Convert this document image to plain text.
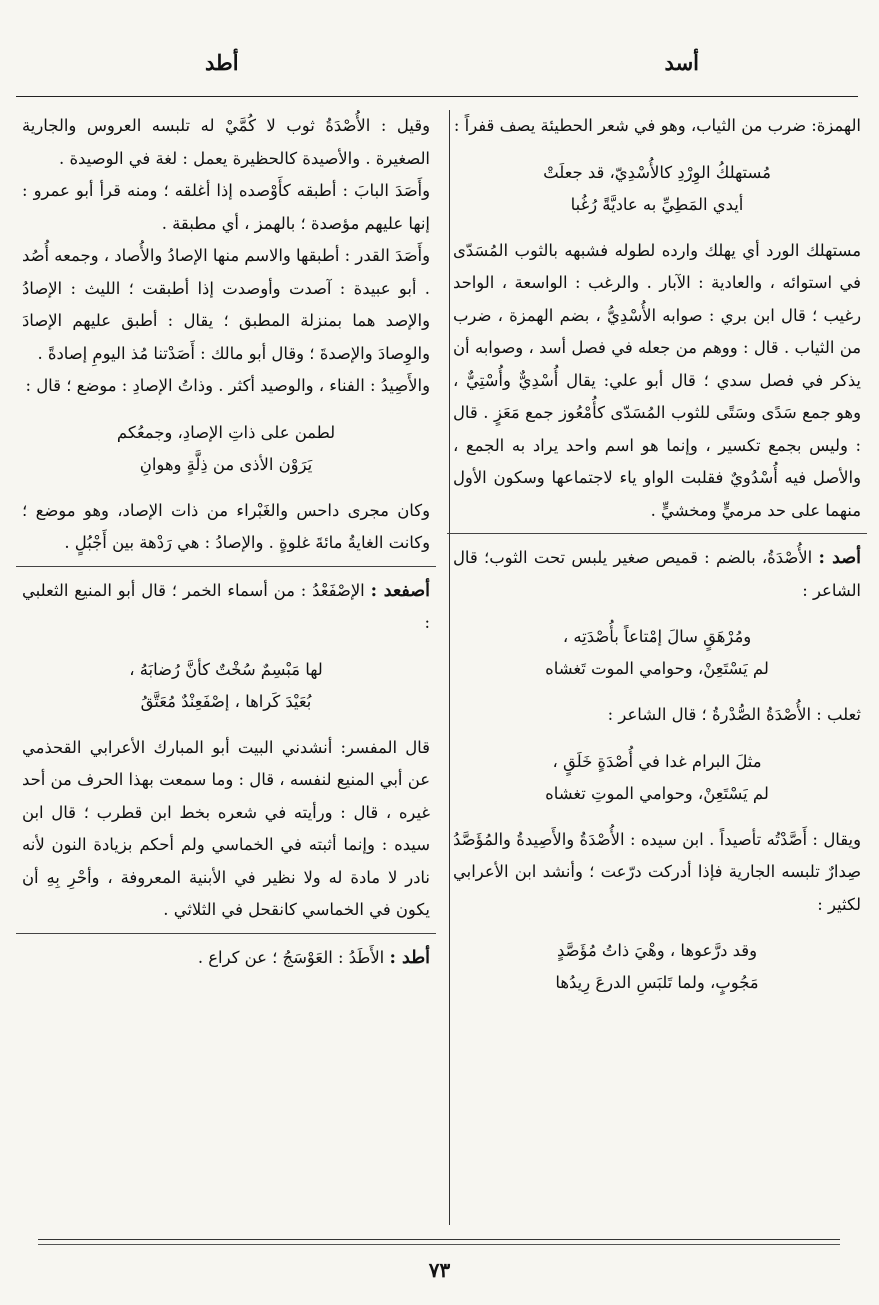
أسد
أطد

الهمزة: ضرب من الثياب، وهو في شعر الحطيئة يصف قفراً :

مُستهلكُ الوِرْدِ كالأُسْدِيّ، قد جعلَتْ
أيدي المَطِيِّ به عاديَّةً رُغُبا

مستهلك الورد أي يهلك وارده لطوله فشبهه بالثوب المُسَدّى في استوائه ، والعادية : الآبار . والرغب : الواسعة ، الواحد رغيب ؛ قال ابن بري : صوابه الأُسْدِيُّ ، بضم الهمزة ، ضرب من الثياب . قال : ووهم من جعله في فصل أسد ، وصوابه أن يذكر في فصل سدي ؛ قال أبو علي: يقال أُسْدِيٌّ وأُسْتِيٌّ ، وهو جمع سَدًى وسَتًى للثوب المُسَدّى كأُمْعُوز جمع مَعَزٍ . قال : وليس بجمع تكسير ، وإنما هو اسم واحد يراد به الجمع ، والأصل فيه أُسْدُويٌ فقلبت الواو ياء لاجتماعها وسكون الأول منهما على حد مرميٍّ ومخشيٍّ .

أصد : الأُصْدَةُ، بالضم : قميص صغير يلبس تحت الثوب؛ قال الشاعر :

ومُرْهَقٍ سالَ إمْتاعاً بأُصْدَتِه ،
لم يَسْتَعِنْ، وحوامي الموت تَغشاه

ثعلب : الأُصْدَةُ الصُّدْرةُ ؛ قال الشاعر :

مثلَ البرام غدا في أُصْدَةٍ خَلَقٍ ،
لم يَسْتَعِنْ، وحوامي الموتِ تغشاه

ويقال : أَصَّدْتُه تأصيداً . ابن سيده : الأُصْدَةُ والأَصِيدةُ والمُؤَصَّدُ صِدارٌ تلبسه الجارية فإذا أدركت درّعت ؛ وأنشد ابن الأعرابي لكثير :

وقد درَّعوها ، وهْيَ ذاتُ مُؤَصَّدٍ
مَجُوبٍ، ولما تَلبَسِ الدرعَ رِيدُها

وقيل : الأُصْدَةُ ثوب لا كُمَّيْ له تلبسه العروس والجارية الصغيرة . والأصيدة كالحظيرة يعمل : لغة في الوصيدة .

وأَصَدَ البابَ : أطبقه كأَوْصده إذا أغلقه ؛ ومنه قرأ أبو عمرو : إنها عليهم مؤصدة ؛ بالهمز ، أي مطبقة .

وأَصَدَ القدر : أطبقها والاسم منها الإصادُ والأُصاد ، وجمعه أُصُد . أبو عبيدة : آصدت وأوصدت إذا أطبقت ؛ الليث : الإصادُ والإصد هما بمنزلة المطبق ؛ يقال : أطبق عليهم الإصادَ والوِصادَ والإصدةَ ؛ وقال أبو مالك : أَصَدْتنا مُذ اليومِ إصادةً .

والأَصِيدُ : الفناء ، والوصيد أكثر . وذاتُ الإصادِ : موضع ؛ قال :

لطمن على ذاتِ الإصادِ، وجمعُكم
يَرَوْن الأذى من ذِلَّةٍ وهوانِ

وكان مجرى داحس والغَبْراء من ذات الإصاد، وهو موضع ؛ وكانت الغايةُ مائةَ غلوةٍ . والإصادُ : هي رَدْهة بين أَجْبُلٍ .

أصفعد : الإصْفَعْدُ : من أسماء الخمر ؛ قال أبو المنيع الثعلبي :

لها مَبْسِمٌ سُخْتٌ كأنَّ رُضابَهُ ،
بُعَيْدَ كَراها ، إصْفَعِنْدٌ مُعَتَّقُ

قال المفسر: أنشدني البيت أبو المبارك الأعرابي القحذمي عن أبي المنيع لنفسه ، قال : وما سمعت بهذا الحرف من أحد غيره ، قال : ورأيته في شعره بخط ابن قطرب ؛ قال ابن سيده : وإنما أثبته في الخماسي ولم أحكم بزيادة النون لأنه نادر لا مادة له ولا نظير في الأبنية المعروفة ، وأحْرِ بِهِ أن يكون في الخماسي كانقحل في الثلاثي .

أطد : الأَطَدُ : العَوْسَجُ ؛ عن كراع .

٧٣
